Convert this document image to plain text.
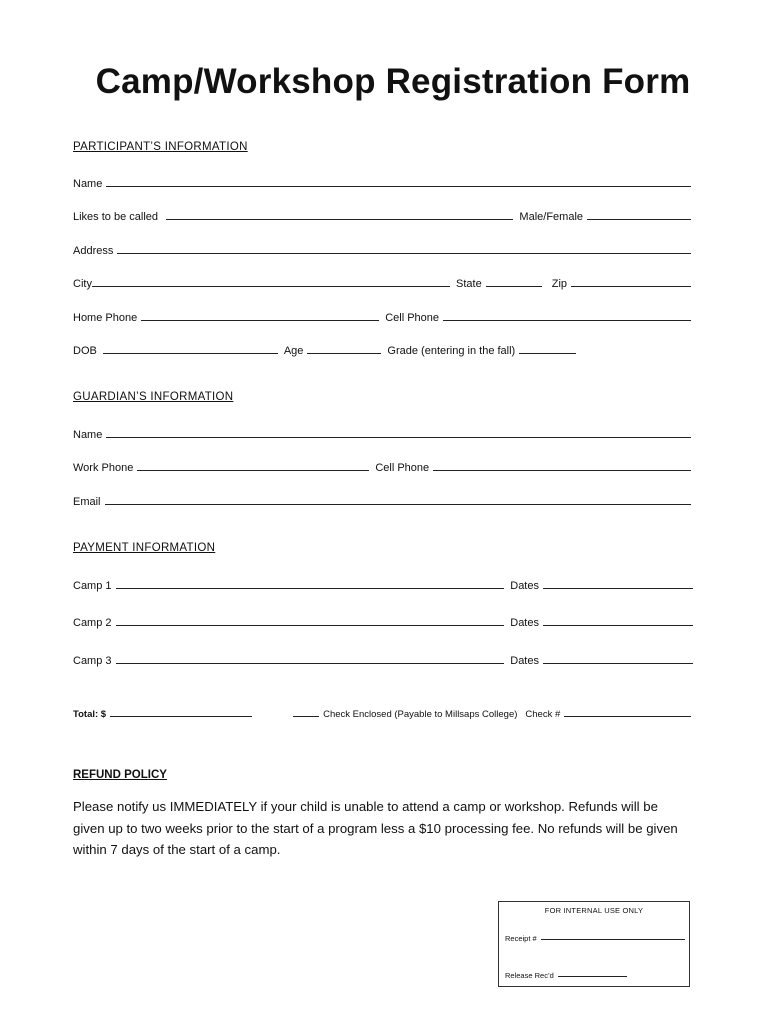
Camp/Workshop Registration Form
PARTICIPANT’S INFORMATION
Name
Likes to be called	Male/Female
Address
City	State	Zip
Home Phone	Cell Phone
DOB	Age	Grade (entering in the fall)
GUARDIAN’S INFORMATION
Name
Work Phone	Cell Phone
Email
PAYMENT INFORMATION
Camp 1	Dates
Camp 2	Dates
Camp 3	Dates
Total: $	Check Enclosed (Payable to Millsaps College) Check #
REFUND POLICY
Please notify us IMMEDIATELY if your child is unable to attend a camp or workshop. Refunds will be given up to two weeks prior to the start of a program less a $10 processing fee. No refunds will be given within 7 days of the start of a camp.
FOR INTERNAL USE ONLY
Receipt #
Release Rec’d
